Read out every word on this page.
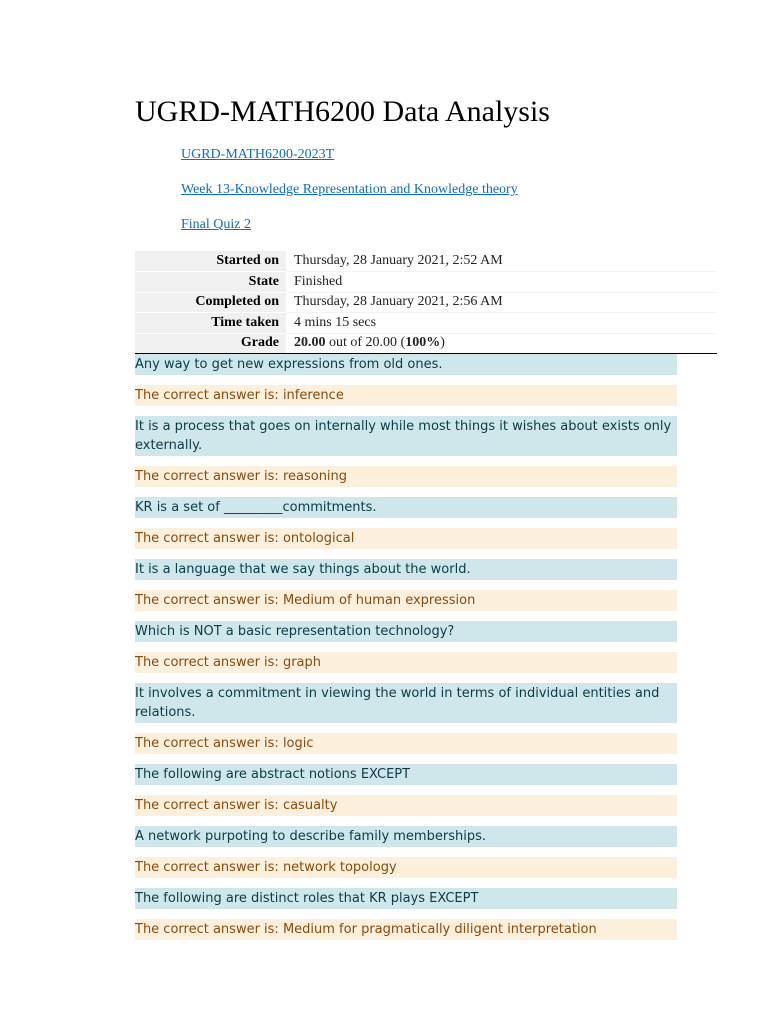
UGRD-MATH6200 Data Analysis
UGRD-MATH6200-2023T
Week 13-Knowledge Representation and Knowledge theory
Final Quiz 2
Started on	Thursday, 28 January 2021, 2:52 AM
State	Finished
Completed on	Thursday, 28 January 2021, 2:56 AM
Time taken	4 mins 15 secs
Grade	20.00 out of 20.00 (100%)
Any way to get new expressions from old ones.
The correct answer is: inference
It is a process that goes on internally while most things it wishes about exists only externally.
The correct answer is: reasoning
KR is a set of _________commitments.
The correct answer is: ontological
It is a language that we say things about the world.
The correct answer is: Medium of human expression
Which is NOT a basic representation technology?
The correct answer is: graph
It involves a commitment in viewing the world in terms of individual entities and relations.
The correct answer is: logic
The following are abstract notions EXCEPT
The correct answer is: casualty
A network purpoting to describe family memberships.
The correct answer is: network topology
The following are distinct roles that KR plays EXCEPT
The correct answer is: Medium for pragmatically diligent interpretation
